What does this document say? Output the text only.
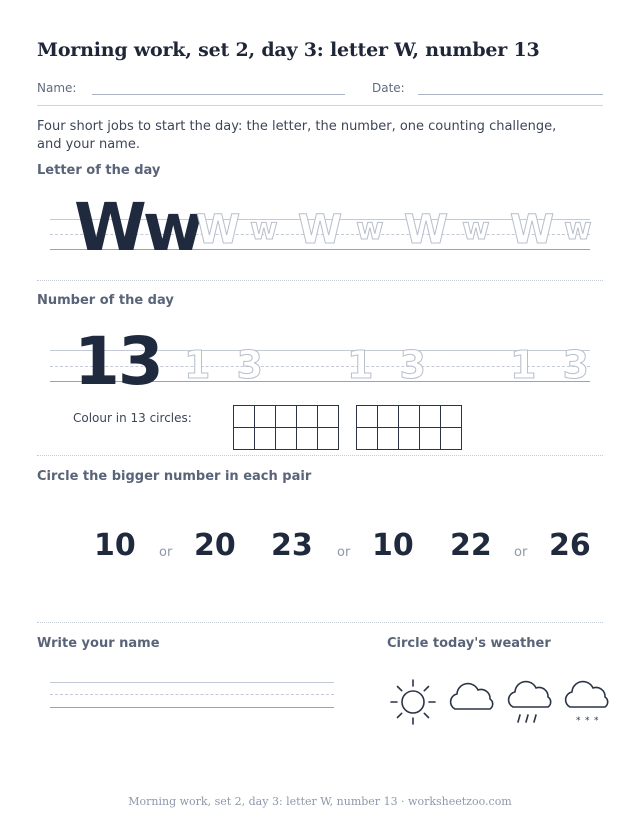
Morning work, set 2, day 3: letter W, number 13
Name:	Date:
Four short jobs to start the day: the letter, the number, one counting challenge, and your name.
Letter of the day
Ww
W w W w W w W w
Number of the day
13 13 13 13
Colour in 13 circles:

Circle the bigger number in each pair
10 or 20 23 or 10 22 or 26
Write your name	Circle today's weather
* * *
Morning work, set 2, day 3: letter W, number 13 · worksheetzoo.com
